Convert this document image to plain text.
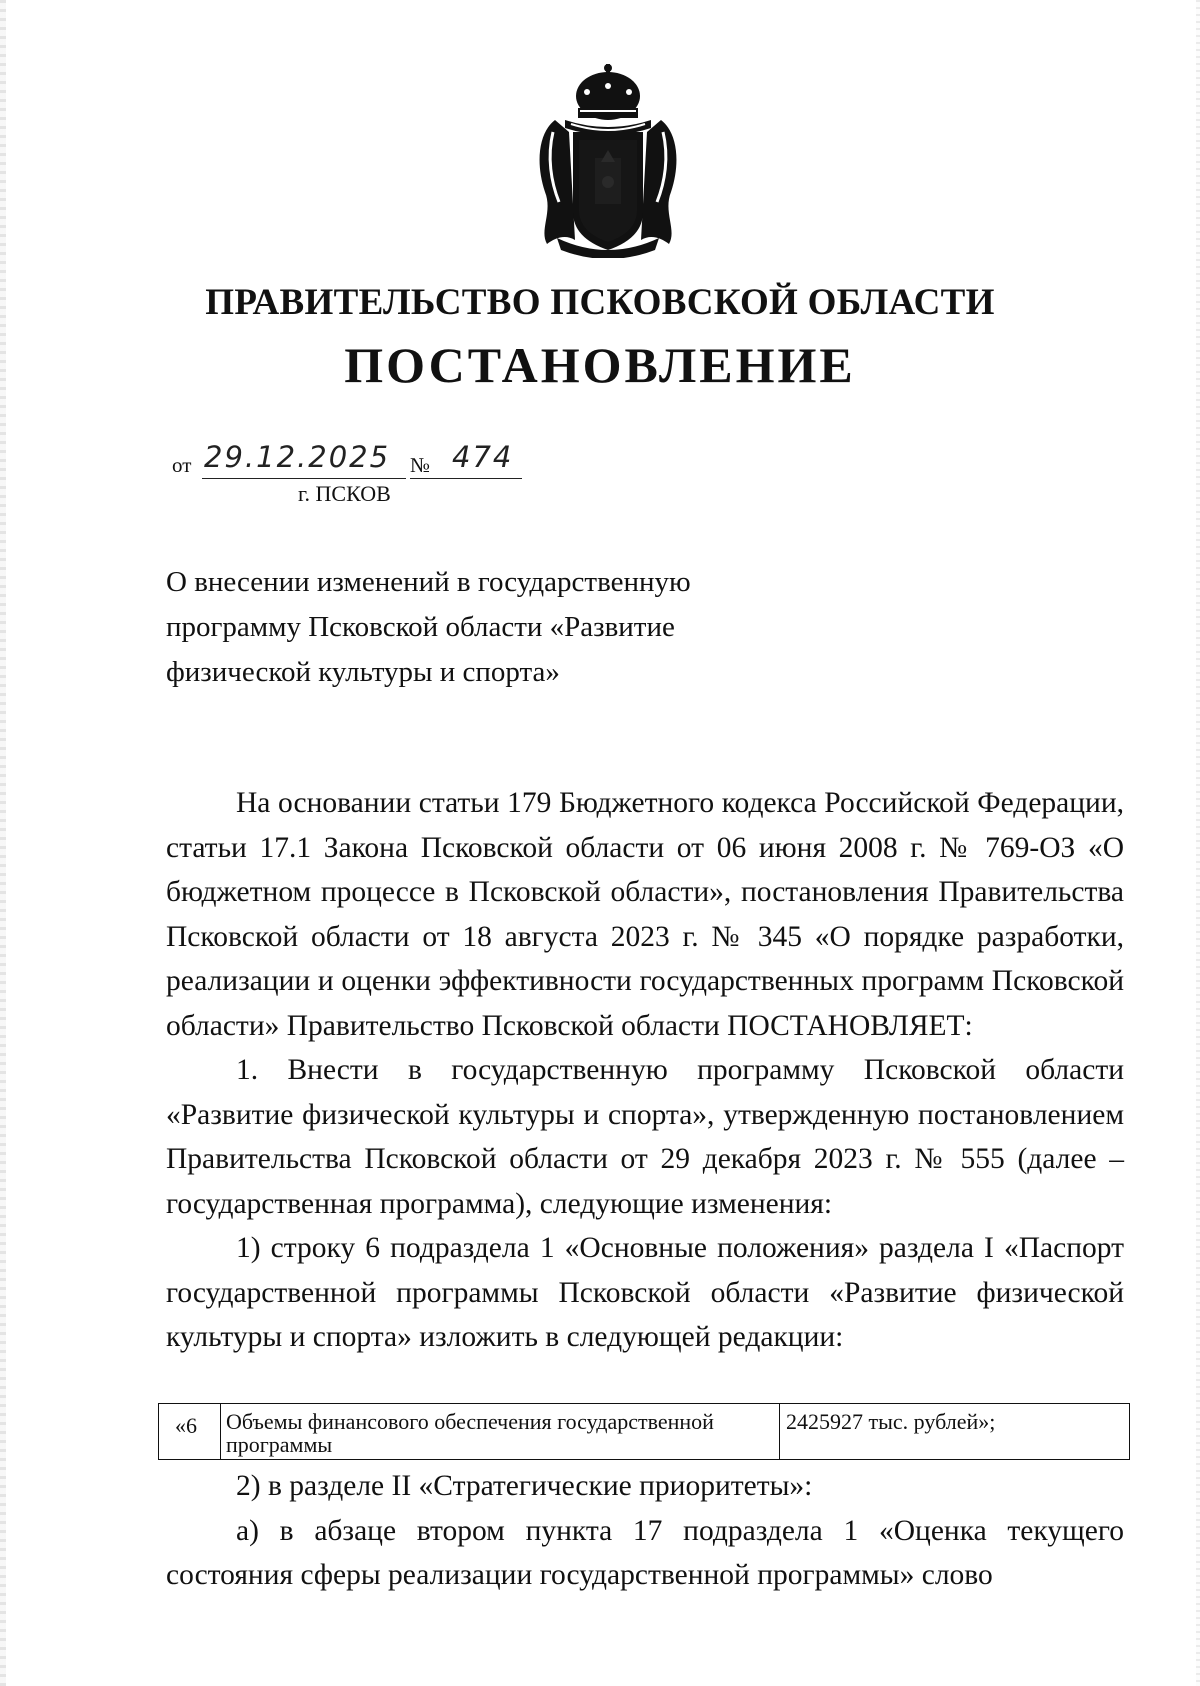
ПРАВИТЕЛЬСТВО ПСКОВСКОЙ ОБЛАСТИ
ПОСТАНОВЛЕНИЕ
от 29.12.2025 № 474
г. ПСКОВ
О внесении изменений в государственную
программу Псковской области «Развитие
физической культуры и спорта»

На основании статьи 179 Бюджетного кодекса Российской Федерации, статьи 17.1 Закона Псковской области от 06 июня 2008 г. № 769-ОЗ «О бюджетном процессе в Псковской области», постановления Правительства Псковской области от 18 августа 2023 г. № 345 «О порядке разработки, реализации и оценки эффективности государственных программ Псковской области» Правительство Псковской области ПОСТАНОВЛЯЕТ:

1. Внести в государственную программу Псковской области «Развитие физической культуры и спорта», утвержденную постановлением Правительства Псковской области от 29 декабря 2023 г. № 555 (далее – государственная программа), следующие изменения:

1) строку 6 подраздела 1 «Основные положения» раздела I «Паспорт государственной программы Псковской области «Развитие физической культуры и спорта» изложить в следующей редакции:

«6	Объемы финансового обеспечения государственной программы
2425927 тыс. рублей»;

2) в разделе II «Стратегические приоритеты»:

а) в абзаце втором пункта 17 подраздела 1 «Оценка текущего состояния сферы реализации государственной программы» слово
